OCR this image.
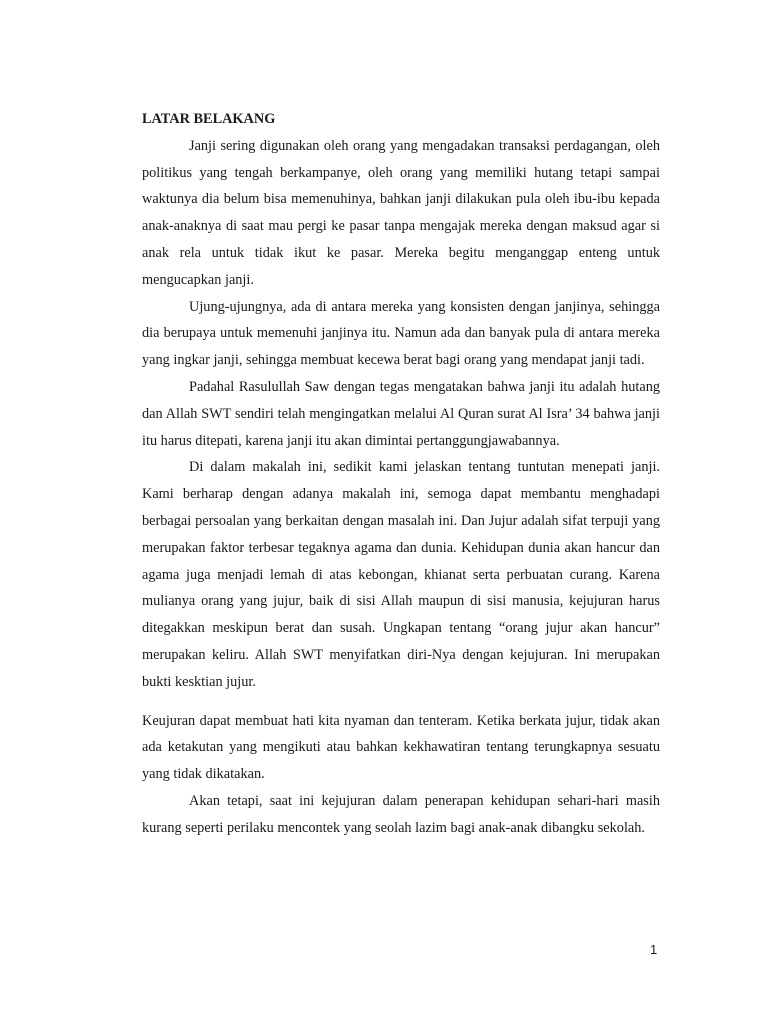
LATAR BELAKANG

Janji sering digunakan oleh orang yang mengadakan transaksi perdagangan, oleh politikus yang tengah berkampanye, oleh orang yang memiliki hutang tetapi sampai waktunya dia belum bisa memenuhinya, bahkan janji dilakukan pula oleh ibu-ibu kepada anak-anaknya di saat mau pergi ke pasar tanpa mengajak mereka dengan maksud agar si anak rela untuk tidak ikut ke pasar. Mereka begitu menganggap enteng untuk mengucapkan janji.

Ujung-ujungnya, ada di antara mereka yang konsisten dengan janjinya, sehingga dia berupaya untuk memenuhi janjinya itu. Namun ada dan banyak pula di antara mereka yang ingkar janji, sehingga membuat kecewa berat bagi orang yang mendapat janji tadi.

Padahal Rasulullah Saw dengan tegas mengatakan bahwa janji itu adalah hutang dan Allah SWT sendiri telah mengingatkan melalui Al Quran surat Al Isra’ 34 bahwa janji itu harus ditepati, karena janji itu akan dimintai pertanggungjawabannya.

Di dalam makalah ini, sedikit kami jelaskan tentang tuntutan menepati janji. Kami berharap dengan adanya makalah ini, semoga dapat membantu menghadapi berbagai persoalan yang berkaitan dengan masalah ini. Dan Jujur adalah sifat terpuji yang merupakan faktor terbesar tegaknya agama dan dunia. Kehidupan dunia akan hancur dan agama juga menjadi lemah di atas kebongan, khianat serta perbuatan curang. Karena mulianya orang yang jujur, baik di sisi Allah maupun di sisi manusia, kejujuran harus ditegakkan meskipun berat dan susah. Ungkapan tentang “orang jujur akan hancur” merupakan keliru. Allah SWT menyifatkan diri-Nya dengan kejujuran. Ini merupakan bukti kesktian jujur.

Keujuran dapat membuat hati kita nyaman dan tenteram. Ketika berkata jujur, tidak akan ada ketakutan yang mengikuti atau bahkan kekhawatiran tentang terungkapnya sesuatu yang tidak dikatakan.

Akan tetapi, saat ini kejujuran dalam penerapan kehidupan sehari-hari masih kurang seperti perilaku mencontek yang seolah lazim bagi anak-anak dibangku sekolah.

1
